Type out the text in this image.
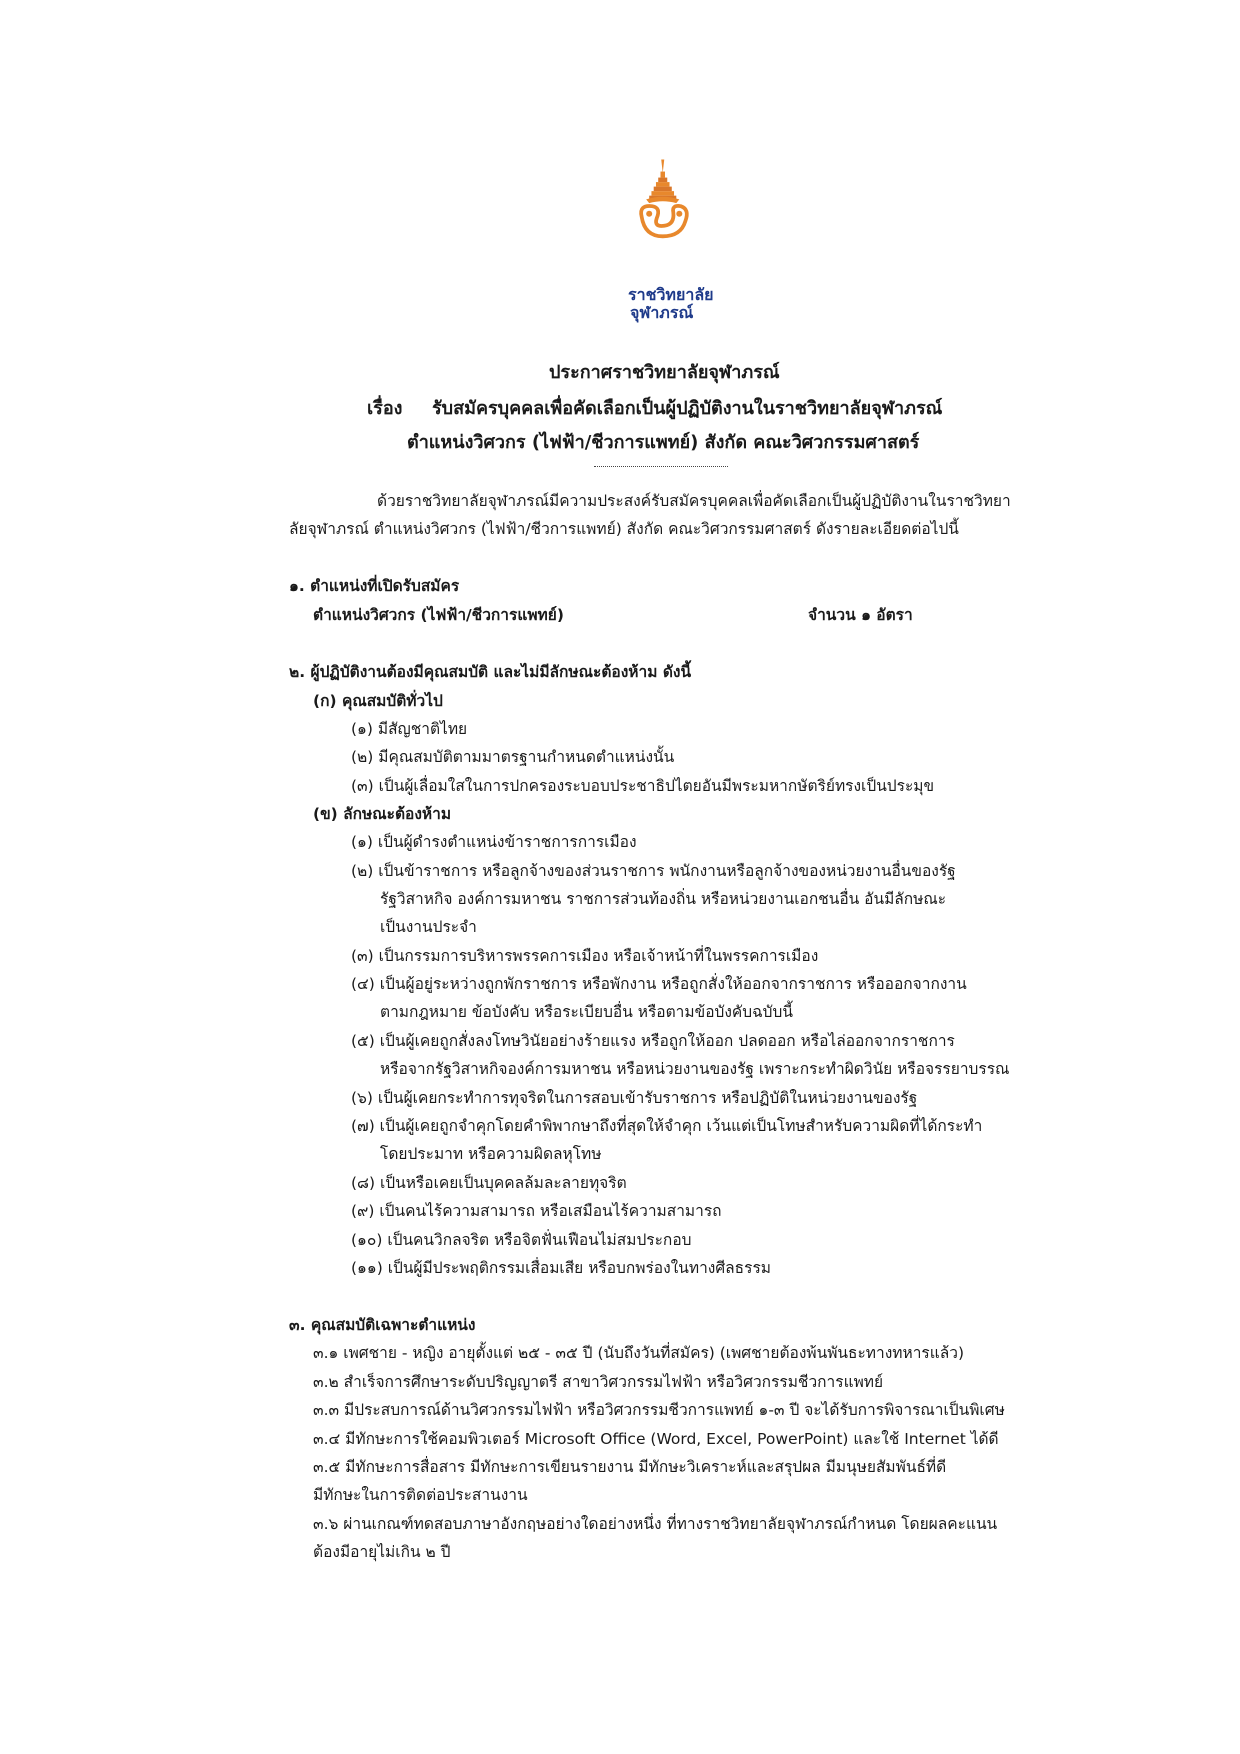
ราชวิทยาลัย
จุฬาภรณ์
ประกาศราชวิทยาลัยจุฬาภรณ์
เรื่อง รับสมัครบุคคลเพื่อคัดเลือกเป็นผู้ปฏิบัติงานในราชวิทยาลัยจุฬาภรณ์
ตำแหน่งวิศวกร (ไฟฟ้า/ชีวการแพทย์) สังกัด คณะวิศวกรรมศาสตร์
ด้วยราชวิทยาลัยจุฬาภรณ์มีความประสงค์รับสมัครบุคคลเพื่อคัดเลือกเป็นผู้ปฏิบัติงานในราชวิทยา
ลัยจุฬาภรณ์ ตำแหน่งวิศวกร (ไฟฟ้า/ชีวการแพทย์) สังกัด คณะวิศวกรรมศาสตร์ ดังรายละเอียดต่อไปนี้
๑. ตำแหน่งที่เปิดรับสมัคร
ตำแหน่งวิศวกร (ไฟฟ้า/ชีวการแพทย์)	จำนวน ๑ อัตรา
๒. ผู้ปฏิบัติงานต้องมีคุณสมบัติ และไม่มีลักษณะต้องห้าม ดังนี้
(ก) คุณสมบัติทั่วไป
(๑) มีสัญชาติไทย
(๒) มีคุณสมบัติตามมาตรฐานกำหนดตำแหน่งนั้น
(๓) เป็นผู้เลื่อมใสในการปกครองระบอบประชาธิปไตยอันมีพระมหากษัตริย์ทรงเป็นประมุข
(ข) ลักษณะต้องห้าม
(๑) เป็นผู้ดำรงตำแหน่งข้าราชการการเมือง
(๒) เป็นข้าราชการ หรือลูกจ้างของส่วนราชการ พนักงานหรือลูกจ้างของหน่วยงานอื่นของรัฐ
รัฐวิสาหกิจ องค์การมหาชน ราชการส่วนท้องถิ่น หรือหน่วยงานเอกชนอื่น อันมีลักษณะ
เป็นงานประจำ
(๓) เป็นกรรมการบริหารพรรคการเมือง หรือเจ้าหน้าที่ในพรรคการเมือง
(๔) เป็นผู้อยู่ระหว่างถูกพักราชการ หรือพักงาน หรือถูกสั่งให้ออกจากราชการ หรือออกจากงาน
ตามกฎหมาย ข้อบังคับ หรือระเบียบอื่น หรือตามข้อบังคับฉบับนี้
(๕) เป็นผู้เคยถูกสั่งลงโทษวินัยอย่างร้ายแรง หรือถูกให้ออก ปลดออก หรือไล่ออกจากราชการ
หรือจากรัฐวิสาหกิจองค์การมหาชน หรือหน่วยงานของรัฐ เพราะกระทำผิดวินัย หรือจรรยาบรรณ
(๖) เป็นผู้เคยกระทำการทุจริตในการสอบเข้ารับราชการ หรือปฏิบัติในหน่วยงานของรัฐ
(๗) เป็นผู้เคยถูกจำคุกโดยคำพิพากษาถึงที่สุดให้จำคุก เว้นแต่เป็นโทษสำหรับความผิดที่ได้กระทำ
โดยประมาท หรือความผิดลหุโทษ
(๘) เป็นหรือเคยเป็นบุคคลล้มละลายทุจริต
(๙) เป็นคนไร้ความสามารถ หรือเสมือนไร้ความสามารถ
(๑๐) เป็นคนวิกลจริต หรือจิตฟั่นเฟือนไม่สมประกอบ
(๑๑) เป็นผู้มีประพฤติกรรมเสื่อมเสีย หรือบกพร่องในทางศีลธรรม
๓. คุณสมบัติเฉพาะตำแหน่ง
๓.๑ เพศชาย - หญิง อายุตั้งแต่ ๒๕ - ๓๕ ปี (นับถึงวันที่สมัคร) (เพศชายต้องพ้นพันธะทางทหารแล้ว)
๓.๒ สำเร็จการศึกษาระดับปริญญาตรี สาขาวิศวกรรมไฟฟ้า หรือวิศวกรรมชีวการแพทย์
๓.๓ มีประสบการณ์ด้านวิศวกรรมไฟฟ้า หรือวิศวกรรมชีวการแพทย์ ๑-๓ ปี จะได้รับการพิจารณาเป็นพิเศษ
๓.๔ มีทักษะการใช้คอมพิวเตอร์ Microsoft Office (Word, Excel, PowerPoint) และใช้ Internet ได้ดี
๓.๕ มีทักษะการสื่อสาร มีทักษะการเขียนรายงาน มีทักษะวิเคราะห์และสรุปผล มีมนุษยสัมพันธ์ที่ดี
มีทักษะในการติดต่อประสานงาน
๓.๖ ผ่านเกณฑ์ทดสอบภาษาอังกฤษอย่างใดอย่างหนึ่ง ที่ทางราชวิทยาลัยจุฬาภรณ์กำหนด โดยผลคะแนน
ต้องมีอายุไม่เกิน ๒ ปี
